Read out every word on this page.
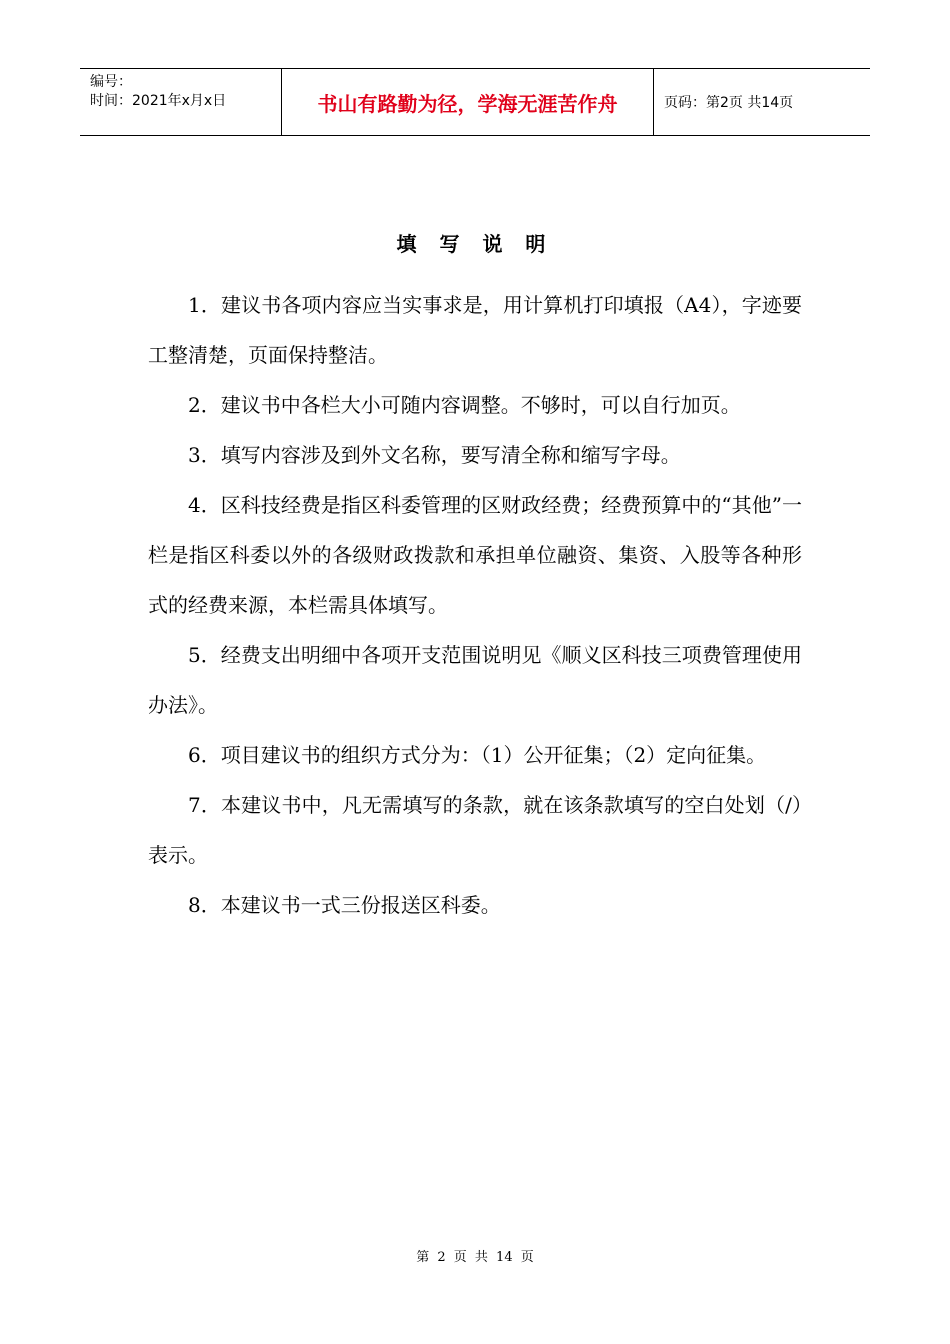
编号：
时间：2021年x月x日	书山有路勤为径，学海无涯苦作舟	页码：第2页 共14页
填 写 说 明

1．建议书各项内容应当实事求是，用计算机打印填报（A4），字迹要工整清楚，页面保持整洁。

2．建议书中各栏大小可随内容调整。不够时，可以自行加页。

3．填写内容涉及到外文名称，要写清全称和缩写字母。

4．区科技经费是指区科委管理的区财政经费；经费预算中的“其他”一栏是指区科委以外的各级财政拨款和承担单位融资、集资、入股等各种形式的经费来源，本栏需具体填写。

5．经费支出明细中各项开支范围说明见《顺义区科技三项费管理使用办法》。

6．项目建议书的组织方式分为：（1）公开征集；（2）定向征集。

7．本建议书中，凡无需填写的条款，就在该条款填写的空白处划（/）表示。

8．本建议书一式三份报送区科委。

第 2 页 共 14 页
